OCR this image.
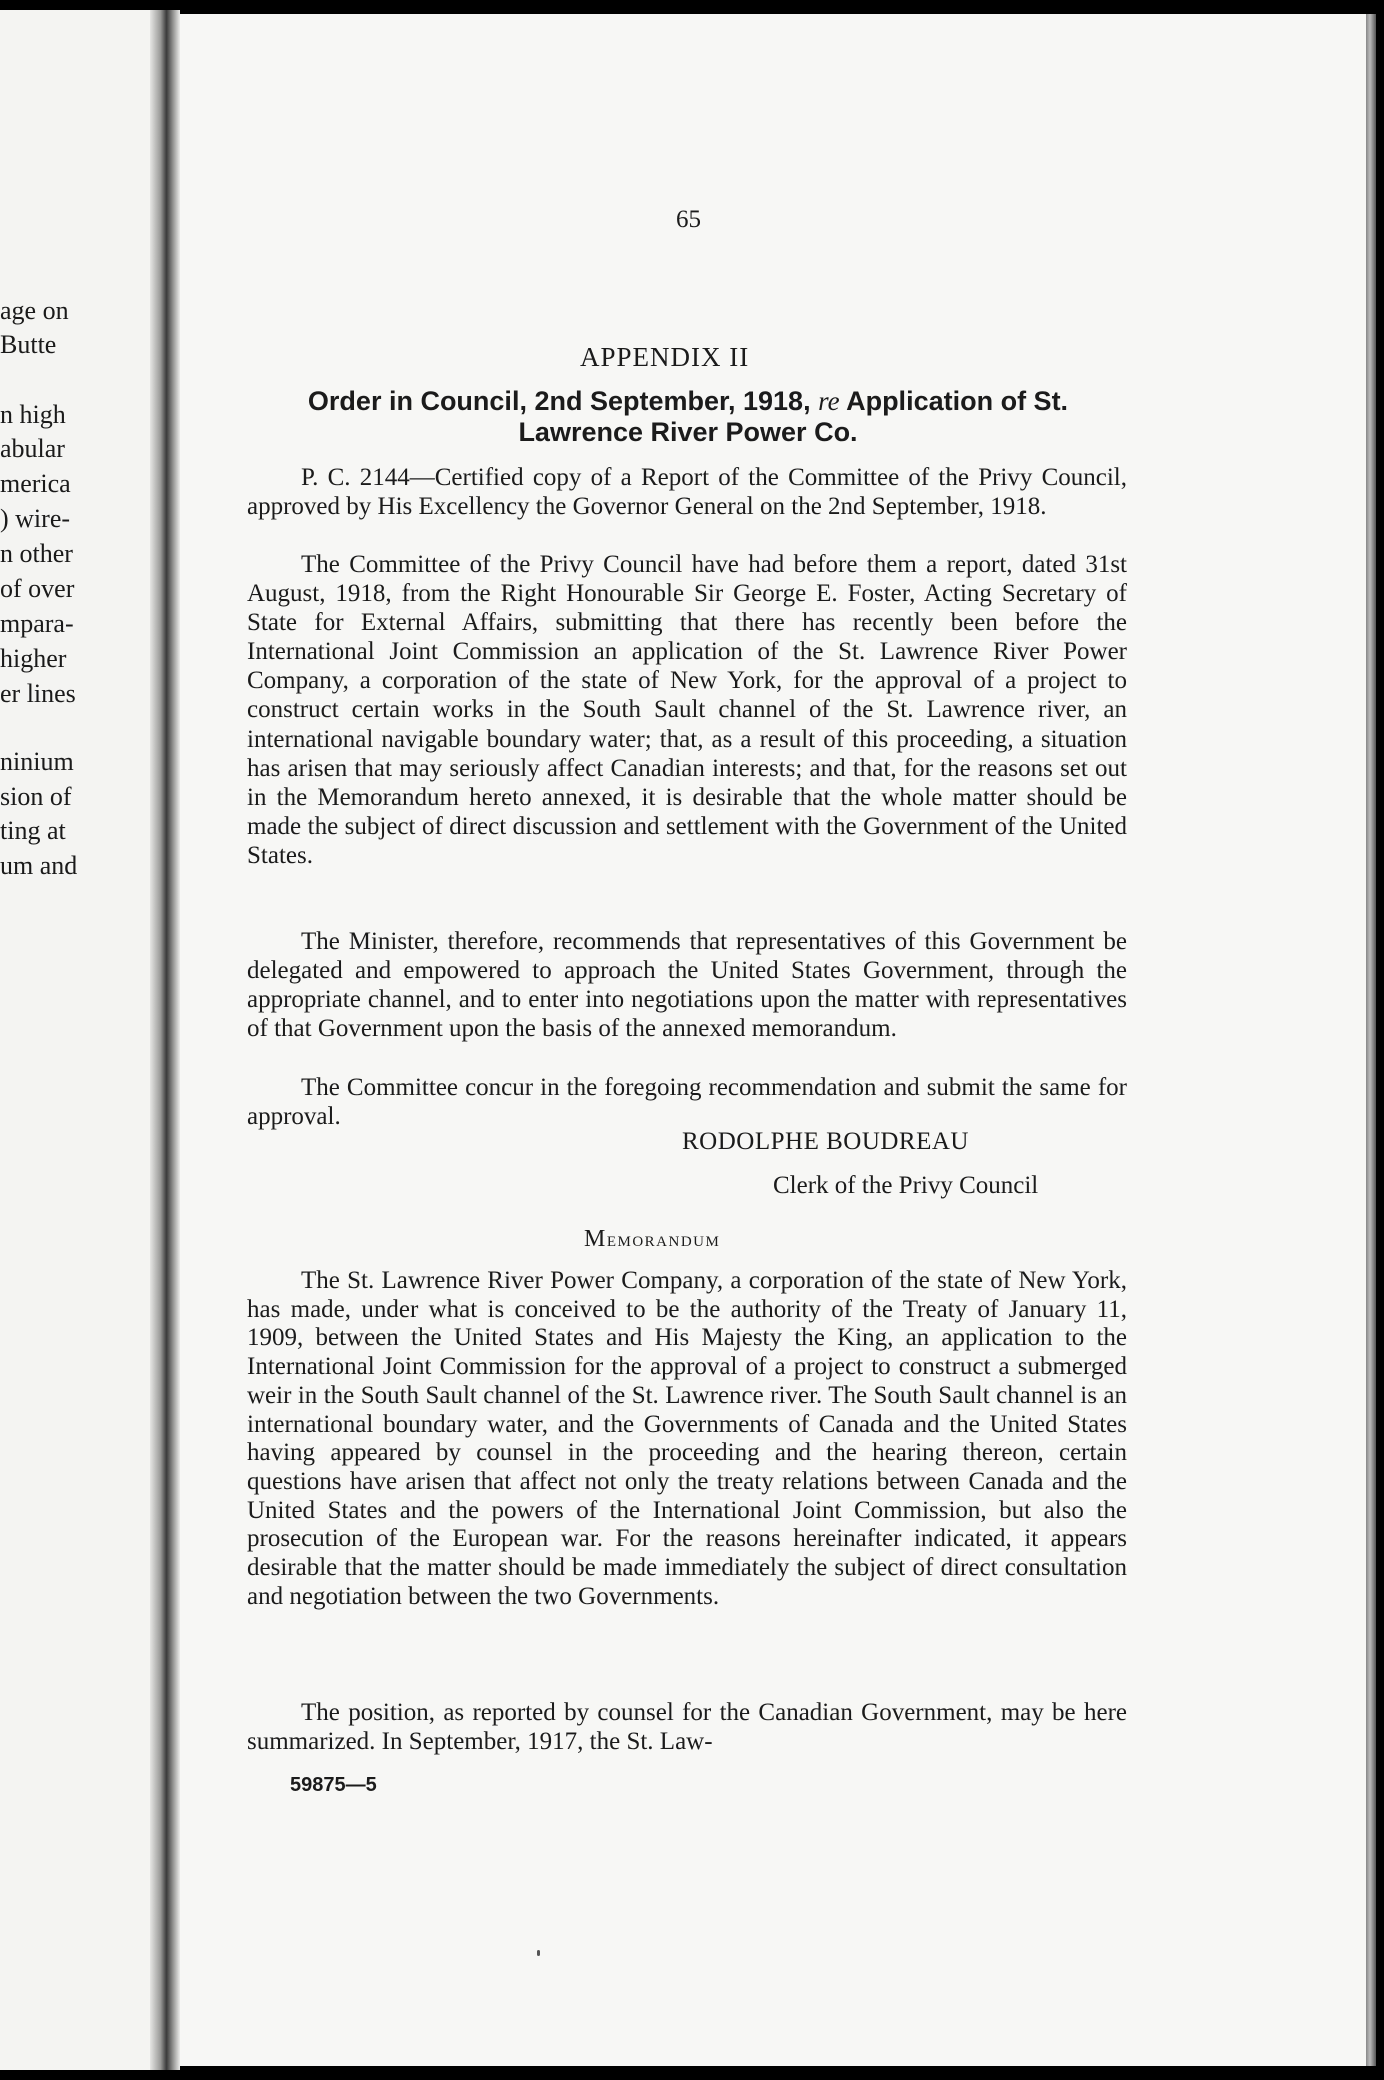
age on
Butte
n high
abular
merica
) wire-
n other
of over
mpara-
higher
er lines
ninium
sion of
ting at
um and
65
APPENDIX II
Order in Council, 2nd September, 1918, re Application of St.
Lawrence River Power Co.

P. C. 2144—Certified copy of a Report of the Committee of the Privy Council, approved by His Excellency the Governor General on the 2nd September, 1918.

The Committee of the Privy Council have had before them a report, dated 31st August, 1918, from the Right Honourable Sir George E. Foster, Acting Secretary of State for External Affairs, submitting that there has recently been before the International Joint Commission an application of the St. Lawrence River Power Company, a corporation of the state of New York, for the approval of a project to construct certain works in the South Sault channel of the St. Lawrence river, an international navigable boundary water; that, as a result of this proceeding, a situation has arisen that may seriously affect Canadian interests; and that, for the reasons set out in the Memorandum hereto annexed, it is desirable that the whole matter should be made the subject of direct discussion and settlement with the Government of the United States.

The Minister, therefore, recommends that representatives of this Government be delegated and empowered to approach the United States Government, through the appropriate channel, and to enter into negotiations upon the matter with representatives of that Government upon the basis of the annexed memorandum.

The Committee concur in the foregoing recommendation and submit the same for approval.

RODOLPHE BOUDREAU
Clerk of the Privy Council
Memorandum

The St. Lawrence River Power Company, a corporation of the state of New York, has made, under what is conceived to be the authority of the Treaty of January 11, 1909, between the United States and His Majesty the King, an application to the International Joint Commission for the approval of a project to construct a submerged weir in the South Sault channel of the St. Lawrence river. The South Sault channel is an international boundary water, and the Governments of Canada and the United States having appeared by counsel in the proceeding and the hearing thereon, certain questions have arisen that affect not only the treaty relations between Canada and the United States and the powers of the International Joint Commission, but also the prosecution of the European war. For the reasons hereinafter indicated, it appears desirable that the matter should be made immediately the subject of direct consultation and negotiation between the two Governments.

The position, as reported by counsel for the Canadian Government, may be here summarized. In September, 1917, the St. Law-

59875—5
